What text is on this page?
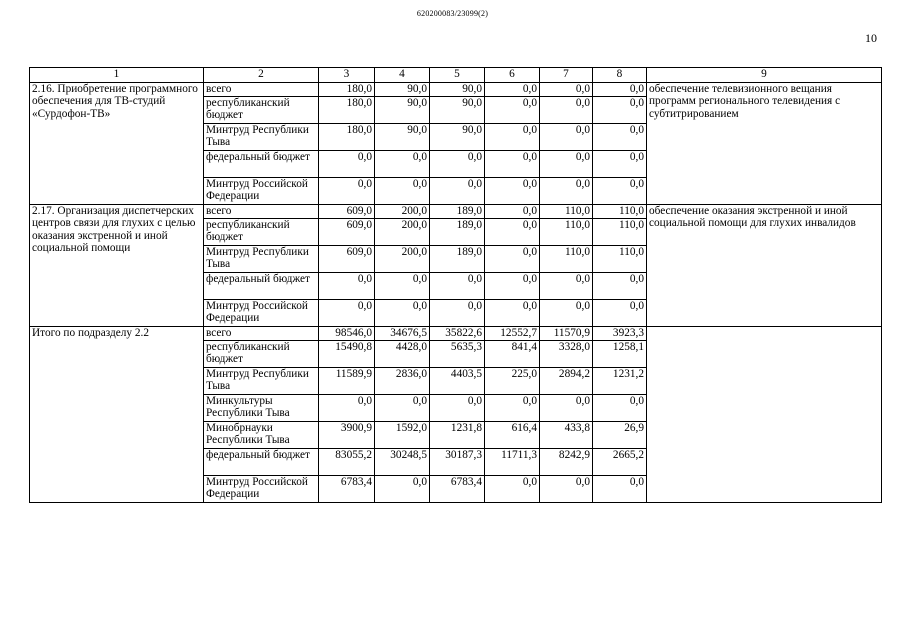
620200083/23099(2)
10
1	2	3	4	5	6	7	8	9
2.16. Приобретение программного обеспечения для ТВ-студий «Сурдофон-ТВ»	всего	180,0	90,0	90,0	0,0	0,0	0,0	обеспечение телевизионного вещания программ регионального телевидения с субтитрированием
	республиканский бюджет	180,0	90,0	90,0	0,0	0,0	0,0	
	Минтруд Республики Тыва	180,0	90,0	90,0	0,0	0,0	0,0	
	федеральный бюджет	0,0	0,0	0,0	0,0	0,0	0,0	
	Минтруд Российской Федерации	0,0	0,0	0,0	0,0	0,0	0,0	
2.17. Организация диспетчерских центров связи для глухих с целью оказания экстренной и иной социальной помощи	всего	609,0	200,0	189,0	0,0	110,0	110,0	обеспечение оказания экстренной и иной социальной помощи для глухих инвалидов
	республиканский бюджет	609,0	200,0	189,0	0,0	110,0	110,0	
	Минтруд Республики Тыва	609,0	200,0	189,0	0,0	110,0	110,0	
	федеральный бюджет	0,0	0,0	0,0	0,0	0,0	0,0	
	Минтруд Российской Федерации	0,0	0,0	0,0	0,0	0,0	0,0	
Итого по подразделу 2.2	всего	98546,0	34676,5	35822,6	12552,7	11570,9	3923,3	
	республиканский бюджет	15490,8	4428,0	5635,3	841,4	3328,0	1258,1	
	Минтруд Республики Тыва	11589,9	2836,0	4403,5	225,0	2894,2	1231,2	
	Минкультуры Республики Тыва	0,0	0,0	0,0	0,0	0,0	0,0	
	Минобрнауки Республики Тыва	3900,9	1592,0	1231,8	616,4	433,8	26,9	
	федеральный бюджет	83055,2	30248,5	30187,3	11711,3	8242,9	2665,2	
	Минтруд Российской Федерации	6783,4	0,0	6783,4	0,0	0,0	0,0	
